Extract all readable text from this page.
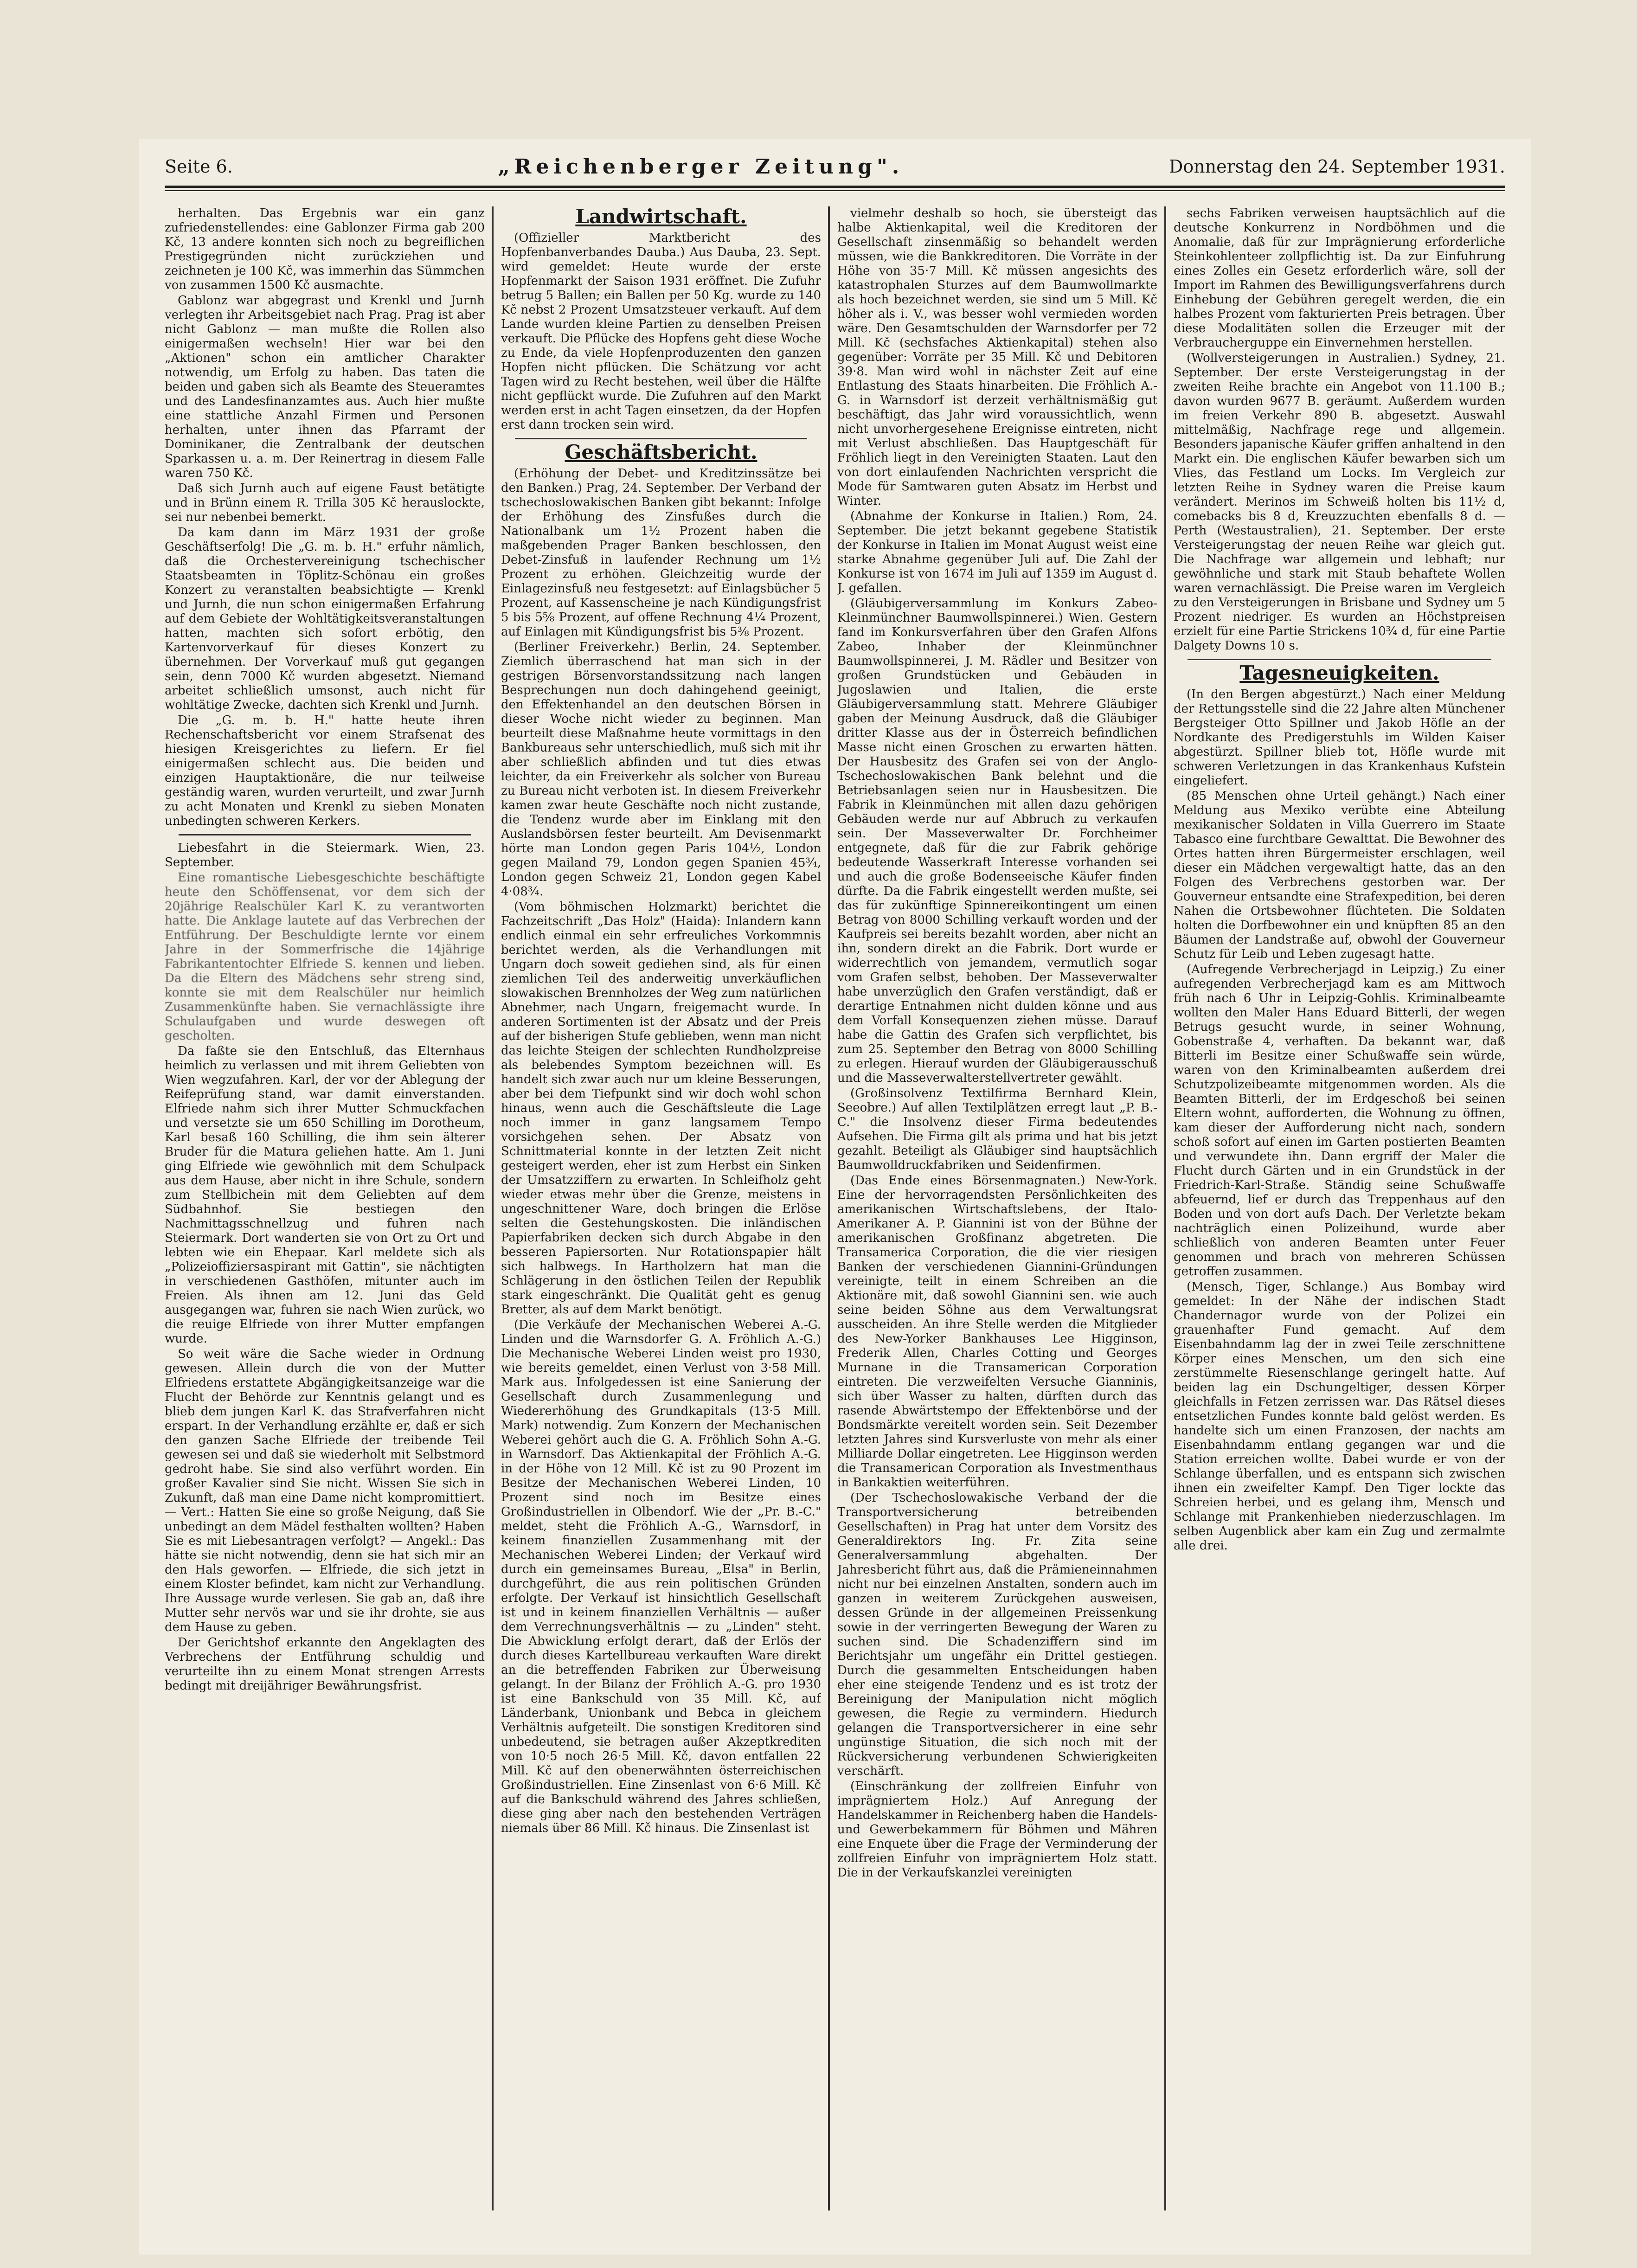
Seite 6.	„Reichenberger Zeitung".	Donnerstag den 24. September 1931.

herhalten. Das Ergebnis war ein ganz zufriedenstellendes: eine Gablonzer Firma gab 200 Kč, 13 andere konnten sich noch zu begreiflichen Prestigegründen nicht zurückziehen und zeichneten je 100 Kč, was immerhin das Sümmchen von zusammen 1500 Kč ausmachte.

Gablonz war abgegrast und Krenkl und Jurnh verlegten ihr Arbeitsgebiet nach Prag. Prag ist aber nicht Gablonz — man mußte die Rollen also einigermaßen wechseln! Hier war bei den „Aktionen" schon ein amtlicher Charakter notwendig, um Erfolg zu haben. Das taten die beiden und gaben sich als Beamte des Steueramtes und des Landesfinanzamtes aus. Auch hier mußte eine stattliche Anzahl Firmen und Personen herhalten, unter ihnen das Pfarramt der Dominikaner, die Zentralbank der deutschen Sparkassen u. a. m. Der Reinertrag in diesem Falle waren 750 Kč.

Daß sich Jurnh auch auf eigene Faust betätigte und in Brünn einem R. Trilla 305 Kč herauslockte, sei nur nebenbei bemerkt.

Da kam dann im März 1931 der große Geschäftserfolg! Die „G. m. b. H." erfuhr nämlich, daß die Orchestervereinigung tschechischer Staatsbeamten in Töplitz-Schönau ein großes Konzert zu veranstalten beabsichtigte — Krenkl und Jurnh, die nun schon einigermaßen Erfahrung auf dem Gebiete der Wohltätigkeitsveranstaltungen hatten, machten sich sofort erbötig, den Kartenvorverkauf für dieses Konzert zu übernehmen. Der Vorverkauf muß gut gegangen sein, denn 7000 Kč wurden abgesetzt. Niemand arbeitet schließlich umsonst, auch nicht für wohltätige Zwecke, dachten sich Krenkl und Jurnh.

Die „G. m. b. H." hatte heute ihren Rechenschaftsbericht vor einem Strafsenat des hiesigen Kreisgerichtes zu liefern. Er fiel einigermaßen schlecht aus. Die beiden und einzigen Hauptaktionäre, die nur teilweise geständig waren, wurden verurteilt, und zwar Jurnh zu acht Monaten und Krenkl zu sieben Monaten unbedingten schweren Kerkers.

Liebesfahrt in die Steiermark. Wien, 23. September.

Eine romantische Liebesgeschichte beschäftigte heute den Schöffensenat, vor dem sich der 20jährige Realschüler Karl K. zu verantworten hatte. Die Anklage lautete auf das Verbrechen der Entführung. Der Beschuldigte lernte vor einem Jahre in der Sommerfrische die 14jährige Fabrikantentochter Elfriede S. kennen und lieben. Da die Eltern des Mädchens sehr streng sind, konnte sie mit dem Realschüler nur heimlich Zusammenkünfte haben. Sie vernachlässigte ihre Schulaufgaben und wurde deswegen oft gescholten.

Da faßte sie den Entschluß, das Elternhaus heimlich zu verlassen und mit ihrem Geliebten von Wien wegzufahren. Karl, der vor der Ablegung der Reifeprüfung stand, war damit einverstanden. Elfriede nahm sich ihrer Mutter Schmuckfachen und versetzte sie um 650 Schilling im Dorotheum, Karl besaß 160 Schilling, die ihm sein älterer Bruder für die Matura geliehen hatte. Am 1. Juni ging Elfriede wie gewöhnlich mit dem Schulpack aus dem Hause, aber nicht in ihre Schule, sondern zum Stellbichein mit dem Geliebten auf dem Südbahnhof. Sie bestiegen den Nachmittagsschnellzug und fuhren nach Steiermark. Dort wanderten sie von Ort zu Ort und lebten wie ein Ehepaar. Karl meldete sich als „Polizeioffiziersaspirant mit Gattin", sie nächtigten in verschiedenen Gasthöfen, mitunter auch im Freien. Als ihnen am 12. Juni das Geld ausgegangen war, fuhren sie nach Wien zurück, wo die reuige Elfriede von ihrer Mutter empfangen wurde.

So weit wäre die Sache wieder in Ordnung gewesen. Allein durch die von der Mutter Elfriedens erstattete Abgängigkeitsanzeige war die Flucht der Behörde zur Kenntnis gelangt und es blieb dem jungen Karl K. das Strafverfahren nicht erspart. In der Verhandlung erzählte er, daß er sich den ganzen Sache Elfriede der treibende Teil gewesen sei und daß sie wiederholt mit Selbstmord gedroht habe. Sie sind also verführt worden. Ein großer Kavalier sind Sie nicht. Wissen Sie sich in Zukunft, daß man eine Dame nicht kompromittiert. — Vert.: Hatten Sie eine so große Neigung, daß Sie unbedingt an dem Mädel festhalten wollten? Haben Sie es mit Liebesantragen verfolgt? — Angekl.: Das hätte sie nicht notwendig, denn sie hat sich mir an den Hals geworfen. — Elfriede, die sich jetzt in einem Kloster befindet, kam nicht zur Verhandlung. Ihre Aussage wurde verlesen. Sie gab an, daß ihre Mutter sehr nervös war und sie ihr drohte, sie aus dem Hause zu geben.

Der Gerichtshof erkannte den Angeklagten des Verbrechens der Entführung schuldig und verurteilte ihn zu einem Monat strengen Arrests bedingt mit dreijähriger Bewährungsfrist.

Landwirtschaft.

(Offizieller Marktbericht des Hopfenbanverbandes Dauba.) Aus Dauba, 23. Sept. wird gemeldet: Heute wurde der erste Hopfenmarkt der Saison 1931 eröffnet. Die Zufuhr betrug 5 Ballen; ein Ballen per 50 Kg. wurde zu 140 Kč nebst 2 Prozent Umsatzsteuer verkauft. Auf dem Lande wurden kleine Partien zu denselben Preisen verkauft. Die Pflücke des Hopfens geht diese Woche zu Ende, da viele Hopfenproduzenten den ganzen Hopfen nicht pflücken. Die Schätzung vor acht Tagen wird zu Recht bestehen, weil über die Hälfte nicht gepflückt wurde. Die Zufuhren auf den Markt werden erst in acht Tagen einsetzen, da der Hopfen erst dann trocken sein wird.

Geschäftsbericht.

(Erhöhung der Debet- und Kreditzinssätze bei den Banken.) Prag, 24. September. Der Verband der tschechoslowakischen Banken gibt bekannt: Infolge der Erhöhung des Zinsfußes durch die Nationalbank um 1½ Prozent haben die maßgebenden Prager Banken beschlossen, den Debet-Zinsfuß in laufender Rechnung um 1½ Prozent zu erhöhen. Gleichzeitig wurde der Einlagezinsfuß neu festgesetzt: auf Einlagsbücher 5 Prozent, auf Kassenscheine je nach Kündigungsfrist 5 bis 5⅝ Prozent, auf offene Rechnung 4¼ Prozent, auf Einlagen mit Kündigungsfrist bis 5⅜ Prozent.

(Berliner Freiverkehr.) Berlin, 24. September. Ziemlich überraschend hat man sich in der gestrigen Börsenvorstandssitzung nach langen Besprechungen nun doch dahingehend geeinigt, den Effektenhandel an den deutschen Börsen in dieser Woche nicht wieder zu beginnen. Man beurteilt diese Maßnahme heute vormittags in den Bankbureaus sehr unterschiedlich, muß sich mit ihr aber schließlich abfinden und tut dies etwas leichter, da ein Freiverkehr als solcher von Bureau zu Bureau nicht verboten ist. In diesem Freiverkehr kamen zwar heute Geschäfte noch nicht zustande, die Tendenz wurde aber im Einklang mit den Auslandsbörsen fester beurteilt. Am Devisenmarkt hörte man London gegen Paris 104½, London gegen Mailand 79, London gegen Spanien 45¾, London gegen Schweiz 21, London gegen Kabel 4·08¾.

(Vom böhmischen Holzmarkt) berichtet die Fachzeitschrift „Das Holz" (Haida): Inlandern kann endlich einmal ein sehr erfreuliches Vorkommnis berichtet werden, als die Verhandlungen mit Ungarn doch soweit gediehen sind, als für einen ziemlichen Teil des anderweitig unverkäuflichen slowakischen Brennholzes der Weg zum natürlichen Abnehmer, nach Ungarn, freigemacht wurde. In anderen Sortimenten ist der Absatz und der Preis auf der bisherigen Stufe geblieben, wenn man nicht das leichte Steigen der schlechten Rundholzpreise als belebendes Symptom bezeichnen will. Es handelt sich zwar auch nur um kleine Besserungen, aber bei dem Tiefpunkt sind wir doch wohl schon hinaus, wenn auch die Geschäftsleute die Lage noch immer in ganz langsamem Tempo vorsichgehen sehen. Der Absatz von Schnittmaterial konnte in der letzten Zeit nicht gesteigert werden, eher ist zum Herbst ein Sinken der Umsatzziffern zu erwarten. In Schleifholz geht wieder etwas mehr über die Grenze, meistens in ungeschnittener Ware, doch bringen die Erlöse selten die Gestehungskosten. Die inländischen Papierfabriken decken sich durch Abgabe in den besseren Papiersorten. Nur Rotationspapier hält sich halbwegs. In Hartholzern hat man die Schlägerung in den östlichen Teilen der Republik stark eingeschränkt. Die Qualität geht es genug Bretter, als auf dem Markt benötigt.

(Die Verkäufe der Mechanischen Weberei A.-G. Linden und die Warnsdorfer G. A. Fröhlich A.-G.) Die Mechanische Weberei Linden weist pro 1930, wie bereits gemeldet, einen Verlust von 3·58 Mill. Mark aus. Infolgedessen ist eine Sanierung der Gesellschaft durch Zusammenlegung und Wiedererhöhung des Grundkapitals (13·5 Mill. Mark) notwendig. Zum Konzern der Mechanischen Weberei gehört auch die G. A. Fröhlich Sohn A.-G. in Warnsdorf. Das Aktienkapital der Fröhlich A.-G. in der Höhe von 12 Mill. Kč ist zu 90 Prozent im Besitze der Mechanischen Weberei Linden, 10 Prozent sind noch im Besitze eines Großindustriellen in Olbendorf. Wie der „Pr. B.-C." meldet, steht die Fröhlich A.-G., Warnsdorf, in keinem finanziellen Zusammenhang mit der Mechanischen Weberei Linden; der Verkauf wird durch ein gemeinsames Bureau, „Elsa" in Berlin, durchgeführt, die aus rein politischen Gründen erfolgte. Der Verkauf ist hinsichtlich Gesellschaft ist und in keinem finanziellen Verhältnis — außer dem Verrechnungsverhältnis — zu „Linden" steht. Die Abwicklung erfolgt derart, daß der Erlös der durch dieses Kartellbureau verkauften Ware direkt an die betreffenden Fabriken zur Überweisung gelangt. In der Bilanz der Fröhlich A.-G. pro 1930 ist eine Bankschuld von 35 Mill. Kč, auf Länderbank, Unionbank und Bebca in gleichem Verhältnis aufgeteilt. Die sonstigen Kreditoren sind unbedeutend, sie betragen außer Akzeptkrediten von 10·5 noch 26·5 Mill. Kč, davon entfallen 22 Mill. Kč auf den obenerwähnten österreichischen Großindustriellen. Eine Zinsenlast von 6·6 Mill. Kč auf die Bankschuld während des Jahres schließen, diese ging aber nach den bestehenden Verträgen niemals über 86 Mill. Kč hinaus. Die Zinsenlast ist

vielmehr deshalb so hoch, sie übersteigt das halbe Aktienkapital, weil die Kreditoren der Gesellschaft zinsenmäßig so behandelt werden müssen, wie die Bankkreditoren. Die Vorräte in der Höhe von 35·7 Mill. Kč müssen angesichts des katastrophalen Sturzes auf dem Baumwollmarkte als hoch bezeichnet werden, sie sind um 5 Mill. Kč höher als i. V., was besser wohl vermieden worden wäre. Den Gesamtschulden der Warnsdorfer per 72 Mill. Kč (sechsfaches Aktienkapital) stehen also gegenüber: Vorräte per 35 Mill. Kč und Debitoren 39·8. Man wird wohl in nächster Zeit auf eine Entlastung des Staats hinarbeiten. Die Fröhlich A.-G. in Warnsdorf ist derzeit verhältnismäßig gut beschäftigt, das Jahr wird voraussichtlich, wenn nicht unvorhergesehene Ereignisse eintreten, nicht mit Verlust abschließen. Das Hauptgeschäft für Fröhlich liegt in den Vereinigten Staaten. Laut den von dort einlaufenden Nachrichten verspricht die Mode für Samtwaren guten Absatz im Herbst und Winter.

(Abnahme der Konkurse in Italien.) Rom, 24. September. Die jetzt bekannt gegebene Statistik der Konkurse in Italien im Monat August weist eine starke Abnahme gegenüber Juli auf. Die Zahl der Konkurse ist von 1674 im Juli auf 1359 im August d. J. gefallen.

(Gläubigerversammlung im Konkurs Zabeo-Kleinmünchner Baumwollspinnerei.) Wien. Gestern fand im Konkursverfahren über den Grafen Alfons Zabeo, Inhaber der Kleinmünchner Baumwollspinnerei, J. M. Rädler und Besitzer von großen Grundstücken und Gebäuden in Jugoslawien und Italien, die erste Gläubigerversammlung statt. Mehrere Gläubiger gaben der Meinung Ausdruck, daß die Gläubiger dritter Klasse aus der in Österreich befindlichen Masse nicht einen Groschen zu erwarten hätten. Der Hausbesitz des Grafen sei von der Anglo-Tschechoslowakischen Bank belehnt und die Betriebsanlagen seien nur in Hausbesitzen. Die Fabrik in Kleinmünchen mit allen dazu gehörigen Gebäuden werde nur auf Abbruch zu verkaufen sein. Der Masseverwalter Dr. Forchheimer entgegnete, daß für die zur Fabrik gehörige bedeutende Wasserkraft Interesse vorhanden sei und auch die große Bodenseeische Käufer finden dürfte. Da die Fabrik eingestellt werden mußte, sei das für zukünftige Spinnereikontingent um einen Betrag von 8000 Schilling verkauft worden und der Kaufpreis sei bereits bezahlt worden, aber nicht an ihn, sondern direkt an die Fabrik. Dort wurde er widerrechtlich von jemandem, vermutlich sogar vom Grafen selbst, behoben. Der Masseverwalter habe unverzüglich den Grafen verständigt, daß er derartige Entnahmen nicht dulden könne und aus dem Vorfall Konsequenzen ziehen müsse. Darauf habe die Gattin des Grafen sich verpflichtet, bis zum 25. September den Betrag von 8000 Schilling zu erlegen. Hierauf wurden der Gläubigerausschuß und die Masseverwalterstellvertreter gewählt.

(Großinsolvenz Textilfirma Bernhard Klein, Seeobre.) Auf allen Textilplätzen erregt laut „P. B.-C." die Insolvenz dieser Firma bedeutendes Aufsehen. Die Firma gilt als prima und hat bis jetzt gezahlt. Beteiligt als Gläubiger sind hauptsächlich Baumwolldruckfabriken und Seidenfirmen.

(Das Ende eines Börsenmagnaten.) New-York. Eine der hervorragendsten Persönlichkeiten des amerikanischen Wirtschaftslebens, der Italo-Amerikaner A. P. Giannini ist von der Bühne der amerikanischen Großfinanz abgetreten. Die Transamerica Corporation, die die vier riesigen Banken der verschiedenen Giannini-Gründungen vereinigte, teilt in einem Schreiben an die Aktionäre mit, daß sowohl Giannini sen. wie auch seine beiden Söhne aus dem Verwaltungsrat ausscheiden. An ihre Stelle werden die Mitglieder des New-Yorker Bankhauses Lee Higginson, Frederik Allen, Charles Cotting und Georges Murnane in die Transamerican Corporation eintreten. Die verzweifelten Versuche Gianninis, sich über Wasser zu halten, dürften durch das rasende Abwärtstempo der Effektenbörse und der Bondsmärkte vereitelt worden sein. Seit Dezember letzten Jahres sind Kursverluste von mehr als einer Milliarde Dollar eingetreten. Lee Higginson werden die Transamerican Corporation als Investmenthaus in Bankaktien weiterführen.

(Der Tschechoslowakische Verband der die Transportversicherung betreibenden Gesellschaften) in Prag hat unter dem Vorsitz des Generaldirektors Ing. Fr. Zita seine Generalversammlung abgehalten. Der Jahresbericht führt aus, daß die Prämieneinnahmen nicht nur bei einzelnen Anstalten, sondern auch im ganzen in weiterem Zurückgehen ausweisen, dessen Gründe in der allgemeinen Preissenkung sowie in der verringerten Bewegung der Waren zu suchen sind. Die Schadenziffern sind im Berichtsjahr um ungefähr ein Drittel gestiegen. Durch die gesammelten Entscheidungen haben eher eine steigende Tendenz und es ist trotz der Bereinigung der Manipulation nicht möglich gewesen, die Regie zu vermindern. Hiedurch gelangen die Transportversicherer in eine sehr ungünstige Situation, die sich noch mit der Rückversicherung verbundenen Schwierigkeiten verschärft.

(Einschränkung der zollfreien Einfuhr von imprägniertem Holz.) Auf Anregung der Handelskammer in Reichenberg haben die Handels- und Gewerbekammern für Böhmen und Mähren eine Enquete über die Frage der Verminderung der zollfreien Einfuhr von imprägniertem Holz statt. Die in der Verkaufskanzlei vereinigten

sechs Fabriken verweisen hauptsächlich auf die deutsche Konkurrenz in Nordböhmen und die Anomalie, daß für zur Imprägnierung erforderliche Steinkohlenteer zollpflichtig ist. Da zur Einfuhrung eines Zolles ein Gesetz erforderlich wäre, soll der Import im Rahmen des Bewilligungsverfahrens durch Einhebung der Gebühren geregelt werden, die ein halbes Prozent vom fakturierten Preis betragen. Über diese Modalitäten sollen die Erzeuger mit der Verbraucherguppe ein Einvernehmen herstellen.

(Wollversteigerungen in Australien.) Sydney, 21. September. Der erste Versteigerungstag in der zweiten Reihe brachte ein Angebot von 11.100 B.; davon wurden 9677 B. geräumt. Außerdem wurden im freien Verkehr 890 B. abgesetzt. Auswahl mittelmäßig, Nachfrage rege und allgemein. Besonders japanische Käufer griffen anhaltend in den Markt ein. Die englischen Käufer bewarben sich um Vlies, das Festland um Locks. Im Vergleich zur letzten Reihe in Sydney waren die Preise kaum verändert. Merinos im Schweiß holten bis 11½ d, comebacks bis 8 d, Kreuzzuchten ebenfalls 8 d. — Perth (Westaustralien), 21. September. Der erste Versteigerungstag der neuen Reihe war gleich gut. Die Nachfrage war allgemein und lebhaft; nur gewöhnliche und stark mit Staub behaftete Wollen waren vernachlässigt. Die Preise waren im Vergleich zu den Versteigerungen in Brisbane und Sydney um 5 Prozent niedriger. Es wurden an Höchstpreisen erzielt für eine Partie Strickens 10¾ d, für eine Partie Dalgety Downs 10 s.

Tagesneuigkeiten.

(In den Bergen abgestürzt.) Nach einer Meldung der Rettungsstelle sind die 22 Jahre alten Münchener Bergsteiger Otto Spillner und Jakob Höfle an der Nordkante des Predigerstuhls im Wilden Kaiser abgestürzt. Spillner blieb tot, Höfle wurde mit schweren Verletzungen in das Krankenhaus Kufstein eingeliefert.

(85 Menschen ohne Urteil gehängt.) Nach einer Meldung aus Mexiko verübte eine Abteilung mexikanischer Soldaten in Villa Guerrero im Staate Tabasco eine furchtbare Gewalttat. Die Bewohner des Ortes hatten ihren Bürgermeister erschlagen, weil dieser ein Mädchen vergewaltigt hatte, das an den Folgen des Verbrechens gestorben war. Der Gouverneur entsandte eine Strafexpedition, bei deren Nahen die Ortsbewohner flüchteten. Die Soldaten holten die Dorfbewohner ein und knüpften 85 an den Bäumen der Landstraße auf, obwohl der Gouverneur Schutz für Leib und Leben zugesagt hatte.

(Aufregende Verbrecherjagd in Leipzig.) Zu einer aufregenden Verbrecherjagd kam es am Mittwoch früh nach 6 Uhr in Leipzig-Gohlis. Kriminalbeamte wollten den Maler Hans Eduard Bitterli, der wegen Betrugs gesucht wurde, in seiner Wohnung, Gobenstraße 4, verhaften. Da bekannt war, daß Bitterli im Besitze einer Schußwaffe sein würde, waren von den Kriminalbeamten außerdem drei Schutzpolizeibeamte mitgenommen worden. Als die Beamten Bitterli, der im Erdgeschoß bei seinen Eltern wohnt, aufforderten, die Wohnung zu öffnen, kam dieser der Aufforderung nicht nach, sondern schoß sofort auf einen im Garten postierten Beamten und verwundete ihn. Dann ergriff der Maler die Flucht durch Gärten und in ein Grundstück in der Friedrich-Karl-Straße. Ständig seine Schußwaffe abfeuernd, lief er durch das Treppenhaus auf den Boden und von dort aufs Dach. Der Verletzte bekam nachträglich einen Polizeihund, wurde aber schließlich von anderen Beamten unter Feuer genommen und brach von mehreren Schüssen getroffen zusammen.

(Mensch, Tiger, Schlange.) Aus Bombay wird gemeldet: In der Nähe der indischen Stadt Chandernagor wurde von der Polizei ein grauenhafter Fund gemacht. Auf dem Eisenbahndamm lag der in zwei Teile zerschnittene Körper eines Menschen, um den sich eine zerstümmelte Riesenschlange geringelt hatte. Auf beiden lag ein Dschungeltiger, dessen Körper gleichfalls in Fetzen zerrissen war. Das Rätsel dieses entsetzlichen Fundes konnte bald gelöst werden. Es handelte sich um einen Franzosen, der nachts am Eisenbahndamm entlang gegangen war und die Station erreichen wollte. Dabei wurde er von der Schlange überfallen, und es entspann sich zwischen ihnen ein zweifelter Kampf. Den Tiger lockte das Schreien herbei, und es gelang ihm, Mensch und Schlange mit Prankenhieben niederzuschlagen. Im selben Augenblick aber kam ein Zug und zermalmte alle drei.
